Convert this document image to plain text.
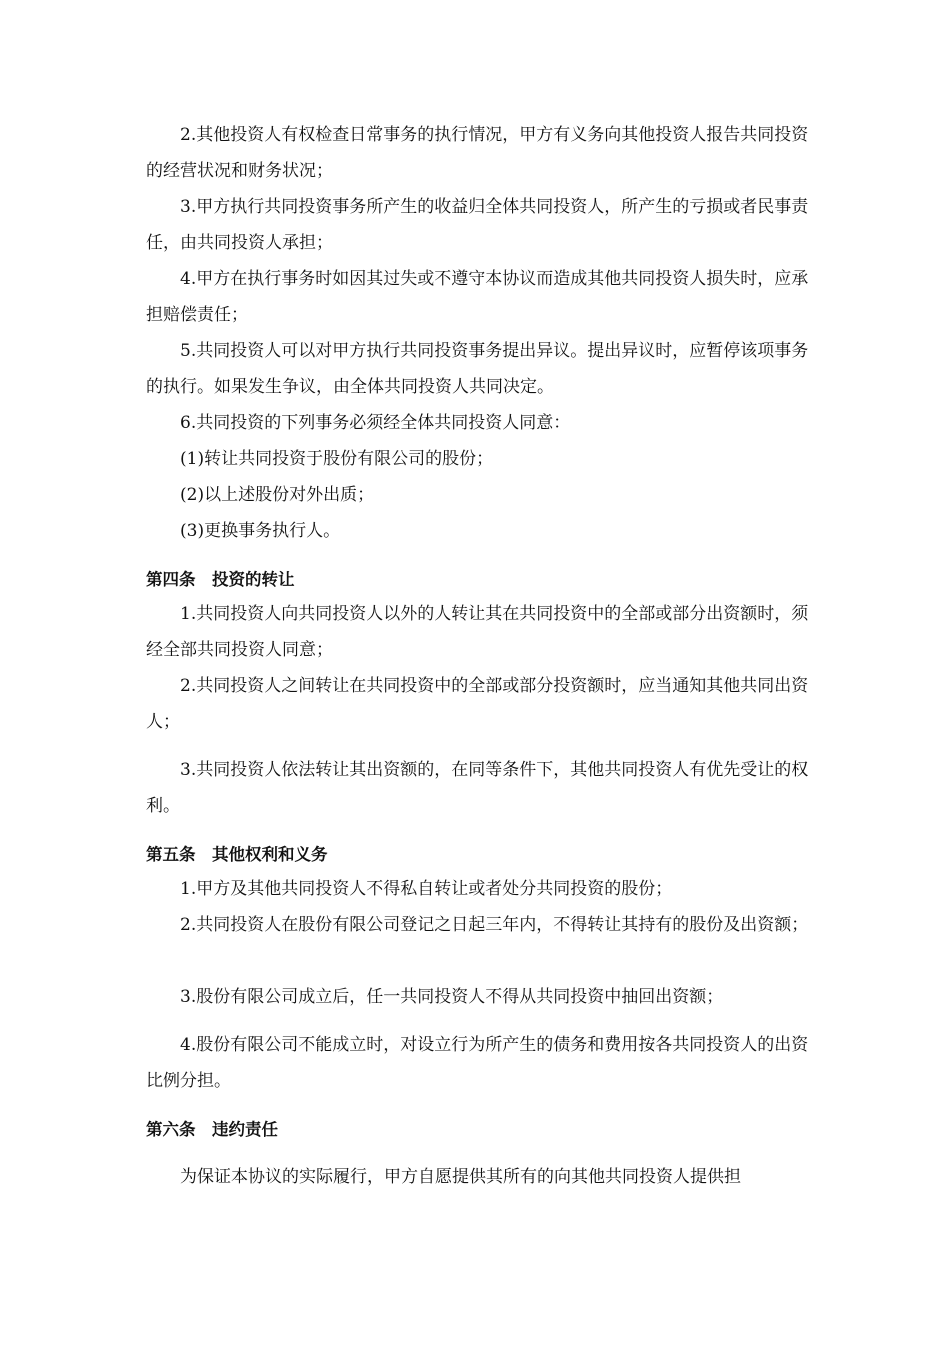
2.其他投资人有权检查日常事务的执行情况，甲方有义务向其他投资人报告共同投资的经营状况和财务状况；

3.甲方执行共同投资事务所产生的收益归全体共同投资人，所产生的亏损或者民事责任，由共同投资人承担；

4.甲方在执行事务时如因其过失或不遵守本协议而造成其他共同投资人损失时，应承担赔偿责任；

5.共同投资人可以对甲方执行共同投资事务提出异议。提出异议时，应暂停该项事务的执行。如果发生争议，由全体共同投资人共同决定。

6.共同投资的下列事务必须经全体共同投资人同意：

(1)转让共同投资于股份有限公司的股份；

(2)以上述股份对外出质；

(3)更换事务执行人。

第四条　投资的转让

1.共同投资人向共同投资人以外的人转让其在共同投资中的全部或部分出资额时，须经全部共同投资人同意；

2.共同投资人之间转让在共同投资中的全部或部分投资额时，应当通知其他共同出资人；

3.共同投资人依法转让其出资额的，在同等条件下，其他共同投资人有优先受让的权利。

第五条　其他权利和义务

1.甲方及其他共同投资人不得私自转让或者处分共同投资的股份；

2.共同投资人在股份有限公司登记之日起三年内，不得转让其持有的股份及出资额；

3.股份有限公司成立后，任一共同投资人不得从共同投资中抽回出资额；

4.股份有限公司不能成立时，对设立行为所产生的债务和费用按各共同投资人的出资比例分担。

第六条　违约责任

为保证本协议的实际履行，甲方自愿提供其所有的向其他共同投资人提供担
